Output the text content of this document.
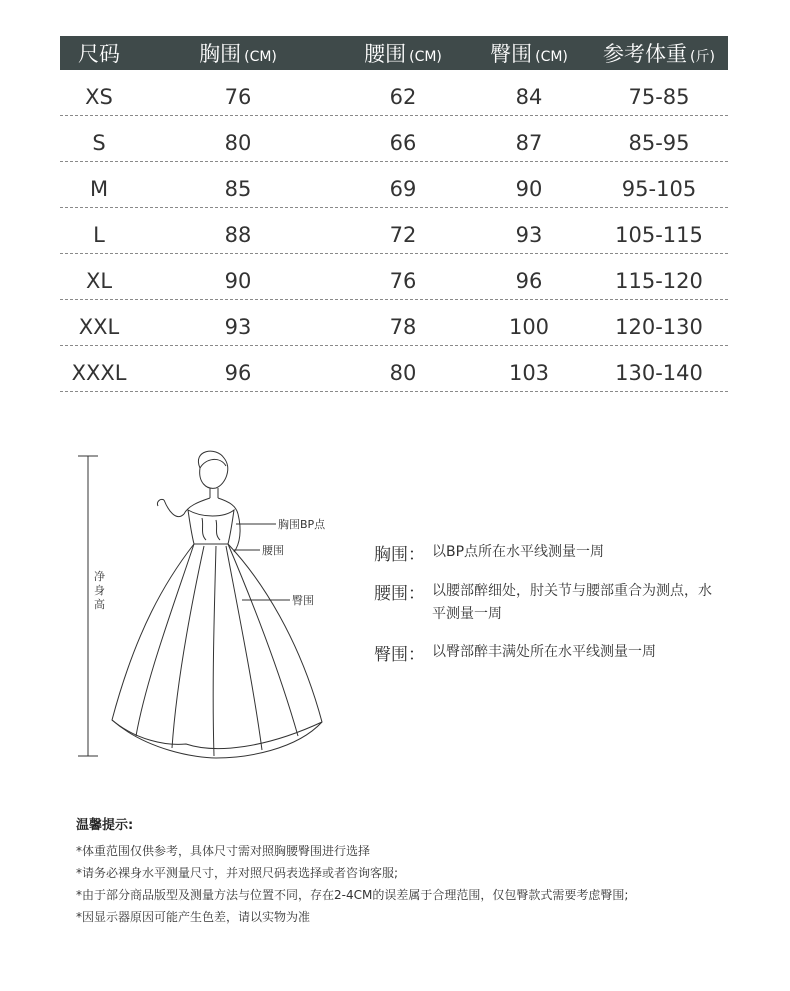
尺码	胸围 (CM)	腰围 (CM)	臀围 (CM)	参考体重 (斤)
XS	76	62	84	75-85
S	80	66	87	85-95
M	85	69	90	95-105
L	88	72	93	105-115
XL	90	76	96	115-120
XXL	93	78	100	120-130
XXXL	96	80	103	130-140
净
身
高
胸围BP点
腰围
臀围
胸围： 以BP点所在水平线测量一周
腰围： 以腰部醉细处，肘关节与腰部重合为测点，水平测量一周
臀围： 以臀部醉丰满处所在水平线测量一周
温馨提示:
*体重范围仅供参考，具体尺寸需对照胸腰臀围进行选择
*请务必裸身水平测量尺寸，并对照尺码表选择或者咨询客服;
*由于部分商品版型及测量方法与位置不同，存在2-4CM的误差属于合理范围，仅包臀款式需要考虑臀围;
*因显示器原因可能产生色差，请以实物为准
